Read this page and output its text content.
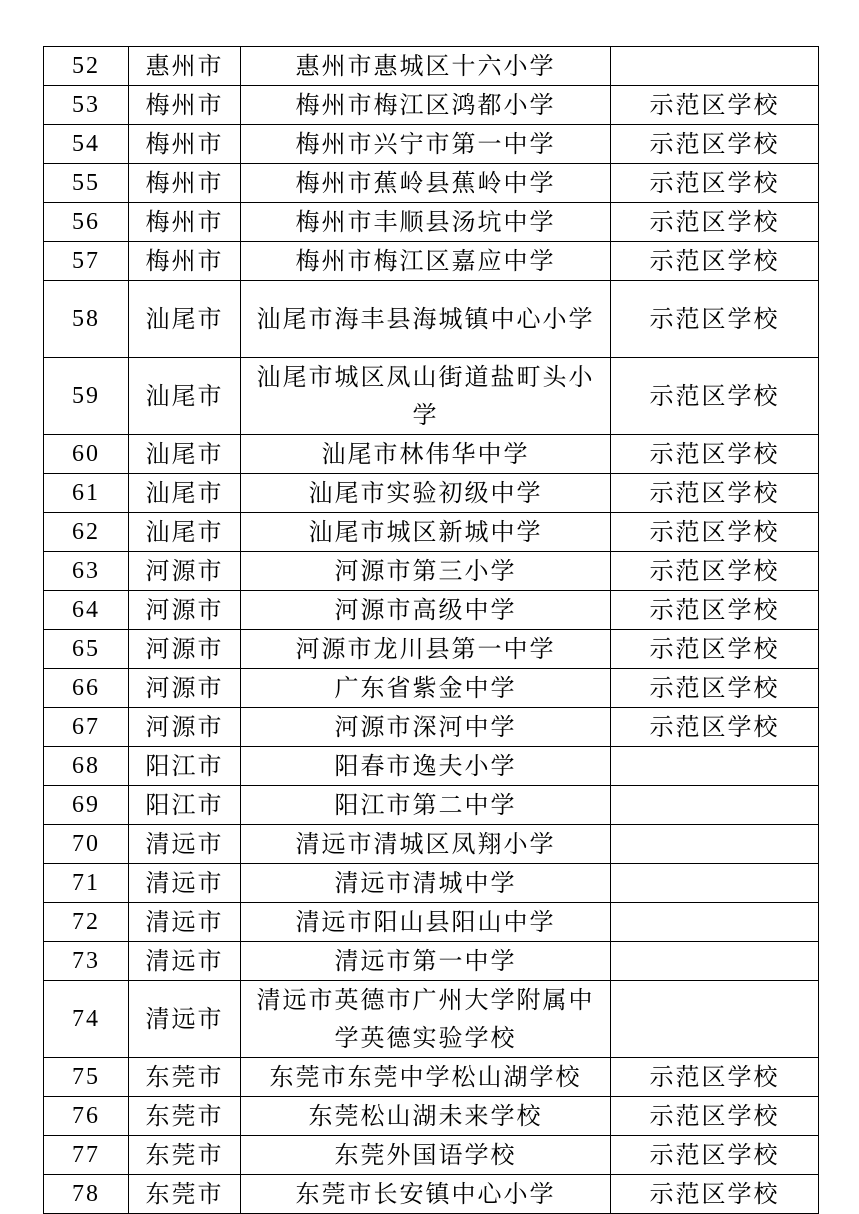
52	惠州市	惠州市惠城区十六小学	
53	梅州市	梅州市梅江区鸿都小学	示范区学校
54	梅州市	梅州市兴宁市第一中学	示范区学校
55	梅州市	梅州市蕉岭县蕉岭中学	示范区学校
56	梅州市	梅州市丰顺县汤坑中学	示范区学校
57	梅州市	梅州市梅江区嘉应中学	示范区学校
58	汕尾市	汕尾市海丰县海城镇中心小学	示范区学校
59	汕尾市	汕尾市城区凤山街道盐町头小学	示范区学校
60	汕尾市	汕尾市林伟华中学	示范区学校
61	汕尾市	汕尾市实验初级中学	示范区学校
62	汕尾市	汕尾市城区新城中学	示范区学校
63	河源市	河源市第三小学	示范区学校
64	河源市	河源市高级中学	示范区学校
65	河源市	河源市龙川县第一中学	示范区学校
66	河源市	广东省紫金中学	示范区学校
67	河源市	河源市深河中学	示范区学校
68	阳江市	阳春市逸夫小学	
69	阳江市	阳江市第二中学	
70	清远市	清远市清城区凤翔小学	
71	清远市	清远市清城中学	
72	清远市	清远市阳山县阳山中学	
73	清远市	清远市第一中学	
74	清远市	清远市英德市广州大学附属中学英德实验学校	
75	东莞市	东莞市东莞中学松山湖学校	示范区学校
76	东莞市	东莞松山湖未来学校	示范区学校
77	东莞市	东莞外国语学校	示范区学校
78	东莞市	东莞市长安镇中心小学	示范区学校
